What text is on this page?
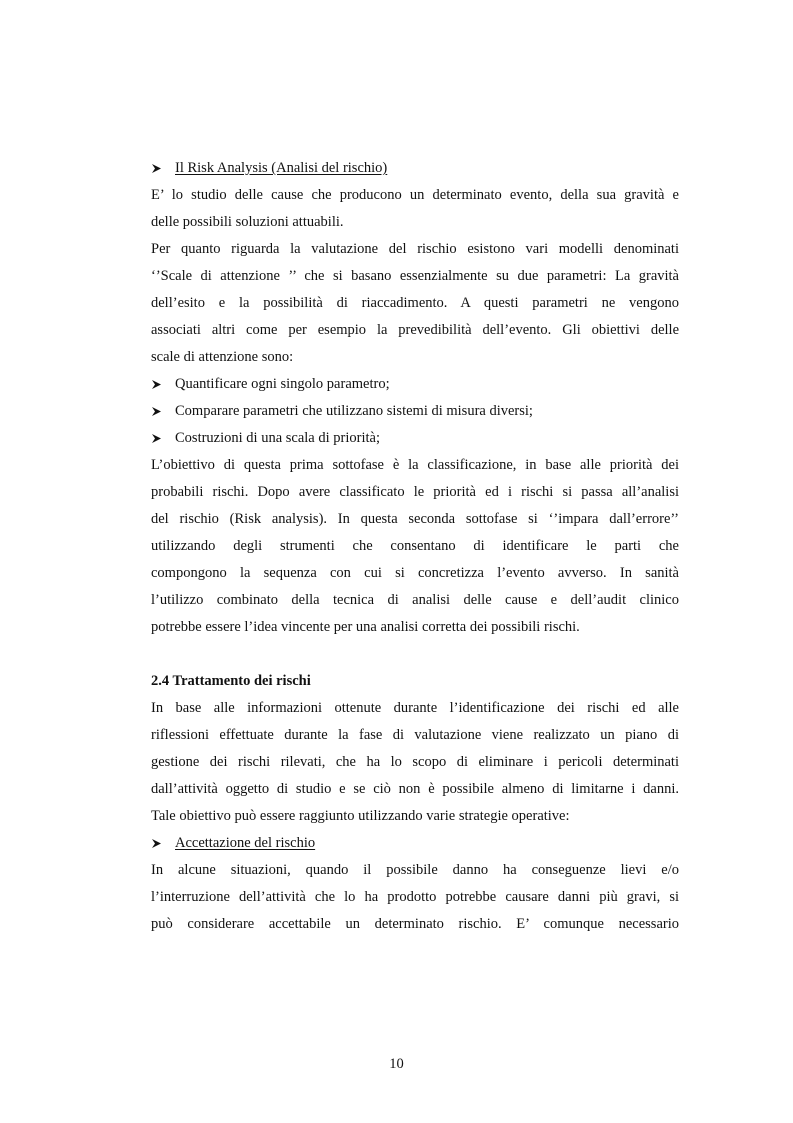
Il Risk Analysis (Analisi del rischio)
E’ lo studio delle cause che producono un determinato evento, della sua gravità e
delle possibili soluzioni attuabili.
Per quanto riguarda la valutazione del rischio esistono vari modelli denominati
‘’Scale di attenzione ’’ che si basano essenzialmente su due parametri: La gravità
dell’esito e la possibilità di riaccadimento. A questi parametri ne vengono
associati altri come per esempio la prevedibilità dell’evento. Gli obiettivi delle
scale di attenzione sono:
Quantificare ogni singolo parametro;
Comparare parametri che utilizzano sistemi di misura diversi;
Costruzioni di una scala di priorità;
L’obiettivo di questa prima sottofase è la classificazione, in base alle priorità dei
probabili rischi. Dopo avere classificato le priorità ed i rischi si passa all’analisi
del rischio (Risk analysis). In questa seconda sottofase si ‘’impara dall’errore’’
utilizzando degli strumenti che consentano di identificare le parti che
compongono la sequenza con cui si concretizza l’evento avverso. In sanità
l’utilizzo combinato della tecnica di analisi delle cause e dell’audit clinico
potrebbe essere l’idea vincente per una analisi corretta dei possibili rischi.
2.4 Trattamento dei rischi
In base alle informazioni ottenute durante l’identificazione dei rischi ed alle
riflessioni effettuate durante la fase di valutazione viene realizzato un piano di
gestione dei rischi rilevati, che ha lo scopo di eliminare i pericoli determinati
dall’attività oggetto di studio e se ciò non è possibile almeno di limitarne i danni.
Tale obiettivo può essere raggiunto utilizzando varie strategie operative:
Accettazione del rischio
In alcune situazioni, quando il possibile danno ha conseguenze lievi e/o
l’interruzione dell’attività che lo ha prodotto potrebbe causare danni più gravi, si
può considerare accettabile un determinato rischio. E’ comunque necessario
10
